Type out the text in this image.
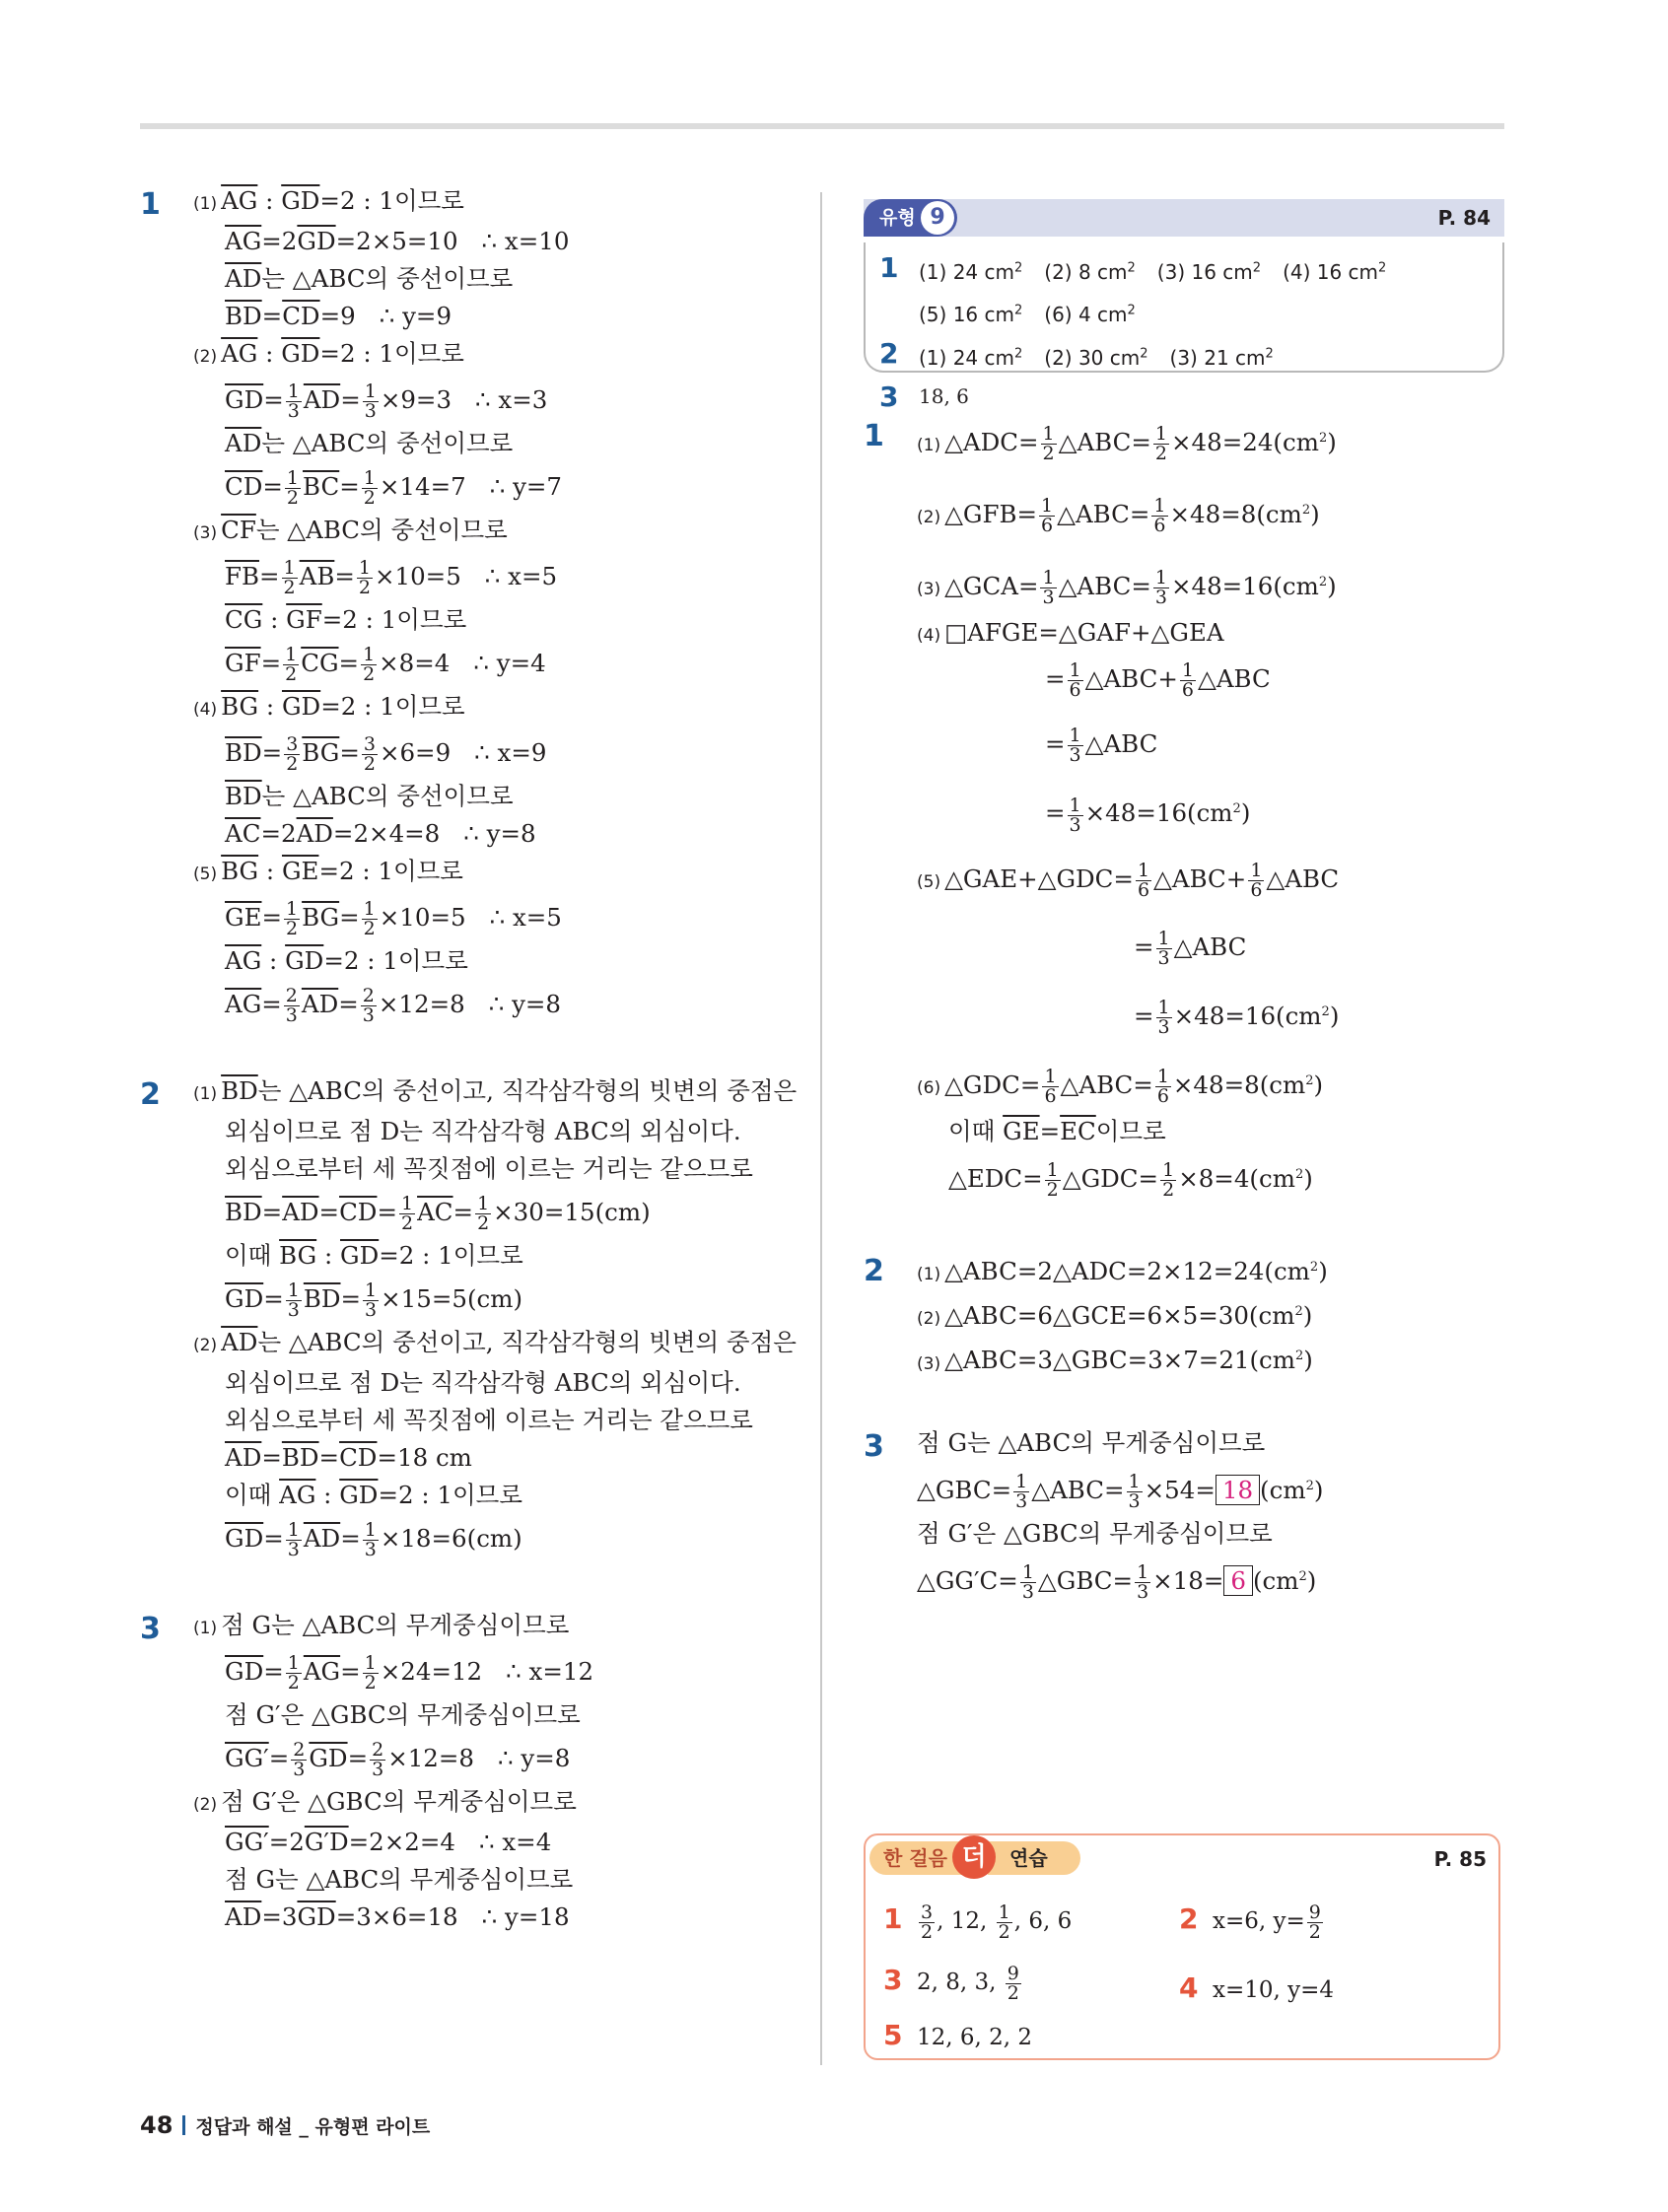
1 (1) $\overline{AG}$ : $\overline{GD}=2$ : 1이므로
$\overline{AG}=2\overline{GD}=2\times 5=10$ ∴ x=10
$\overline{AD}$는 △ABC의 중선이므로
$\overline{BD}=\overline{CD}=9$ ∴ y=9
(2) $\overline{AG}$ : $\overline{GD}=2$ : 1이므로
$\overline{GD}= \frac{1}{3} \overline{AD}= \frac{1}{3} \times 9=3$ ∴ x=3
$\overline{AD}$는 △ABC의 중선이므로
$\overline{CD}= \frac{1}{2} \overline{BC}= \frac{1}{2} \times 14=7$ ∴ y=7
(3) $\overline{CF}$는 △ABC의 중선이므로
$\overline{FB}= \frac{1}{2} \overline{AB}= \frac{1}{2} \times 10=5$ ∴ x=5
$\overline{CG}$ : $\overline{GF}=2$ : 1이므로
$\overline{GF}= \frac{1}{2} \overline{CG}= \frac{1}{2} \times 8=4$ ∴ y=4
(4) $\overline{BG}$ : $\overline{GD}=2$ : 1이므로
$\overline{BD}= \frac{3}{2} \overline{BG}= \frac{3}{2} \times 6=9$ ∴ x=9
$\overline{BD}$는 △ABC의 중선이므로
$\overline{AC}=2\overline{AD}=2\times 4=8$ ∴ y=8
(5) $\overline{BG}$ : $\overline{GE}=2$ : 1이므로
$\overline{GE}= \frac{1}{2} \overline{BG}= \frac{1}{2} \times 10=5$ ∴ x=5
$\overline{AG}$ : $\overline{GD}=2$ : 1이므로
$\overline{AG}= \frac{2}{3} \overline{AD}= \frac{2}{3} \times 12=8$ ∴ y=8
2 (1) $\overline{BD}$는 △ABC의 중선이고, 직각삼각형의 빗변의 중점은
외심이므로 점 D는 직각삼각형 ABC의 외심이다.
외심으로부터 세 꼭짓점에 이르는 거리는 같으므로
$\overline{BD}=\overline{AD}=\overline{CD}= \frac{1}{2} \overline{AC}= \frac{1}{2} \times 30=15(cm)$
이때 $\overline{BG}$ : $\overline{GD}=2$ : 1이므로
$\overline{GD}= \frac{1}{3} \overline{BD}= \frac{1}{3} \times 15=5(cm)$
(2) $\overline{AD}$는 △ABC의 중선이고, 직각삼각형의 빗변의 중점은
외심이므로 점 D는 직각삼각형 ABC의 외심이다.
외심으로부터 세 꼭짓점에 이르는 거리는 같으므로
$\overline{AD}=\overline{BD}=\overline{CD}=18$ cm
이때 $\overline{AG}$ : $\overline{GD}=2$ : 1이므로
$\overline{GD}= \frac{1}{3} \overline{AD}= \frac{1}{3} \times 18=6(cm)$
3 (1) 점 G는 △ABC의 무게중심이므로
$\overline{GD}= \frac{1}{2} \overline{AG}= \frac{1}{2} \times 24=12$ ∴ x=12
점 G′은 △GBC의 무게중심이므로
$GG'= \frac{2}{3} \overline{GD}= \frac{2}{3} \times 12=8$ ∴ y=8
(2) 점 G′은 △GBC의 무게중심이므로
GG′=2G′D=2×2=4 ∴ x=4
점 G는 △ABC의 무게중심이므로
$\overline{AD}=3\overline{GD}=3\times 6=18$ ∴ y=18
유형 9	P. 84
1 (1) 24 $cm^2$ (2) 8 $cm^2$ (3) 16 $cm^2$ (4) 16 $cm^2$
(5) 16 $cm^2$ (6) 4 $cm^2$
2 (1) 24 $cm^2$ (2) 30 $cm^2$ (3) 21 $cm^2$
3 18, 6
1 (1) △ADC= $\frac{1}{2}$ △ABC= $\frac{1}{2} \times 48=24(cm^2)$
(2) △GFB= $\frac{1}{6}$ △ABC= $\frac{1}{6} \times 48=8(cm^2)$
(3) △GCA= $\frac{1}{3}$ △ABC= $\frac{1}{3} \times 48=16(cm^2)$
(4) □AFGE=△GAF+△GEA
= $\frac{1}{6}$ △ABC+ $\frac{1}{6}$ △ABC
= $\frac{1}{3}$ △ABC
= $\frac{1}{3} \times 48=16(cm^2)$
(5) △GAE+△GDC= $\frac{1}{6}$ △ABC+ $\frac{1}{6}$ △ABC
= $\frac{1}{3}$ △ABC
= $\frac{1}{3} \times 48=16(cm^2)$
(6) △GDC= $\frac{1}{6}$ △ABC= $\frac{1}{6} \times 48=8(cm^2)$
이때 $\overline{GE}=\overline{EC}$이므로
△EDC= $\frac{1}{2}$ △GDC= $\frac{1}{2} \times 8=4(cm^2)$
2 (1) $\triangle ABC=2\triangle ADC=2\times 12=24(cm^2)$
(2) $\triangle ABC=6\triangle GCE=6\times 5=30(cm^2)$
(3) $\triangle ABC=3\triangle GBC=3\times 7=21(cm^2)$
3 점 G는 △ABC의 무게중심이므로
△GBC= $\frac{1}{3}$ △ABC= $\frac{1}{3} \times 54= 18$ $(cm^2)$
점 G′은 △GBC의 무게중심이므로
△GG′C= $\frac{1}{3}$ △GBC= $\frac{1}{3} \times 18= 6$ $(cm^2)$
한 걸음	연습
더	P. 85
$1 \frac{3}{2}$ , 12, $\frac{1}{2}$ , 6, 6	2 x=6, $y= \frac{9}{2}$
3 2, 8, 3, $\frac{9}{2}$	4 x=10, y=4
5 12, 6, 2, 2
48 정답과 해설 _ 유형편 라이트
